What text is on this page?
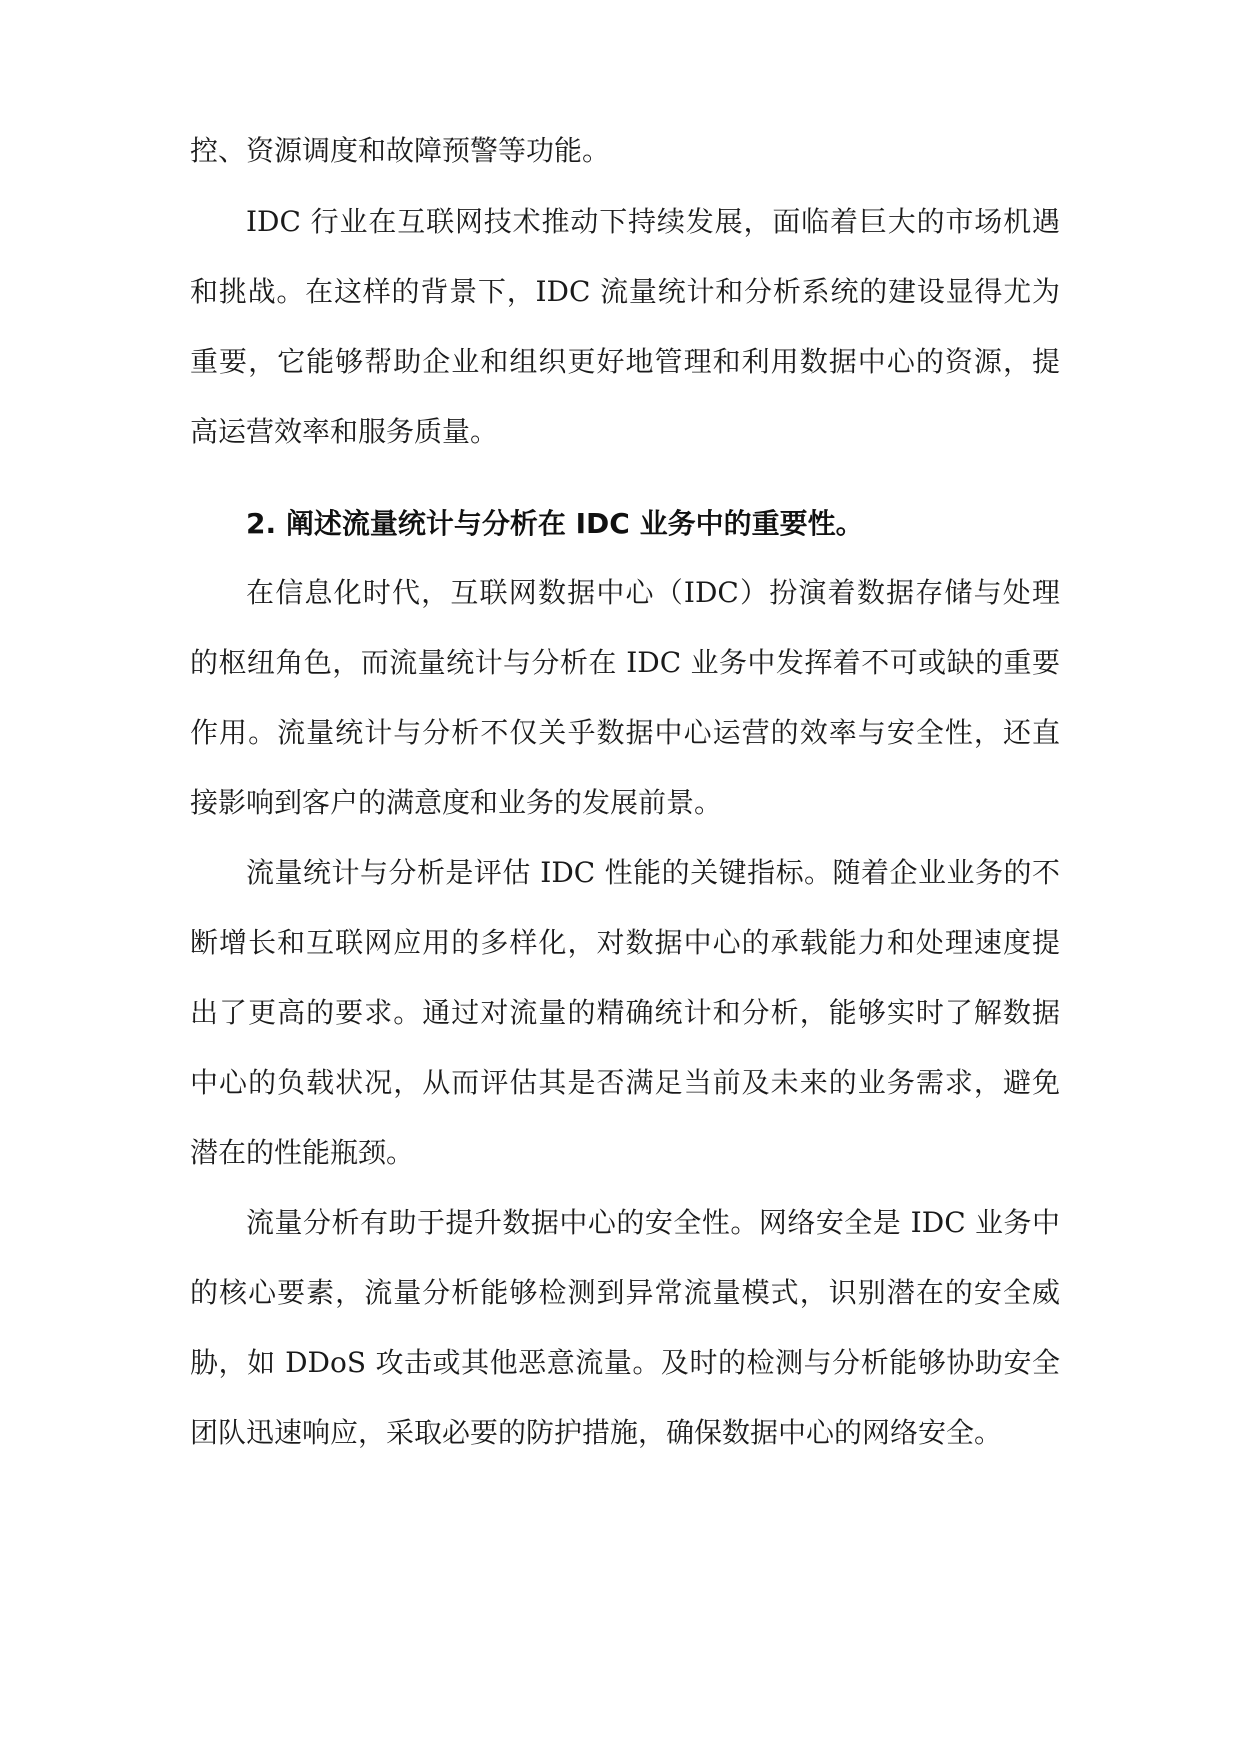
控、资源调度和故障预警等功能。
IDC 行业在互联网技术推动下持续发展，面临着巨大的市场机遇
和挑战。在这样的背景下，IDC 流量统计和分析系统的建设显得尤为
重要，它能够帮助企业和组织更好地管理和利用数据中心的资源，提
高运营效率和服务质量。
2. 阐述流量统计与分析在 IDC 业务中的重要性。
在信息化时代，互联网数据中心（IDC）扮演着数据存储与处理
的枢纽角色，而流量统计与分析在 IDC 业务中发挥着不可或缺的重要
作用。流量统计与分析不仅关乎数据中心运营的效率与安全性，还直
接影响到客户的满意度和业务的发展前景。
流量统计与分析是评估 IDC 性能的关键指标。随着企业业务的不
断增长和互联网应用的多样化，对数据中心的承载能力和处理速度提
出了更高的要求。通过对流量的精确统计和分析，能够实时了解数据
中心的负载状况，从而评估其是否满足当前及未来的业务需求，避免
潜在的性能瓶颈。
流量分析有助于提升数据中心的安全性。网络安全是 IDC 业务中
的核心要素，流量分析能够检测到异常流量模式，识别潜在的安全威
胁，如 DDoS 攻击或其他恶意流量。及时的检测与分析能够协助安全
团队迅速响应，采取必要的防护措施，确保数据中心的网络安全。
